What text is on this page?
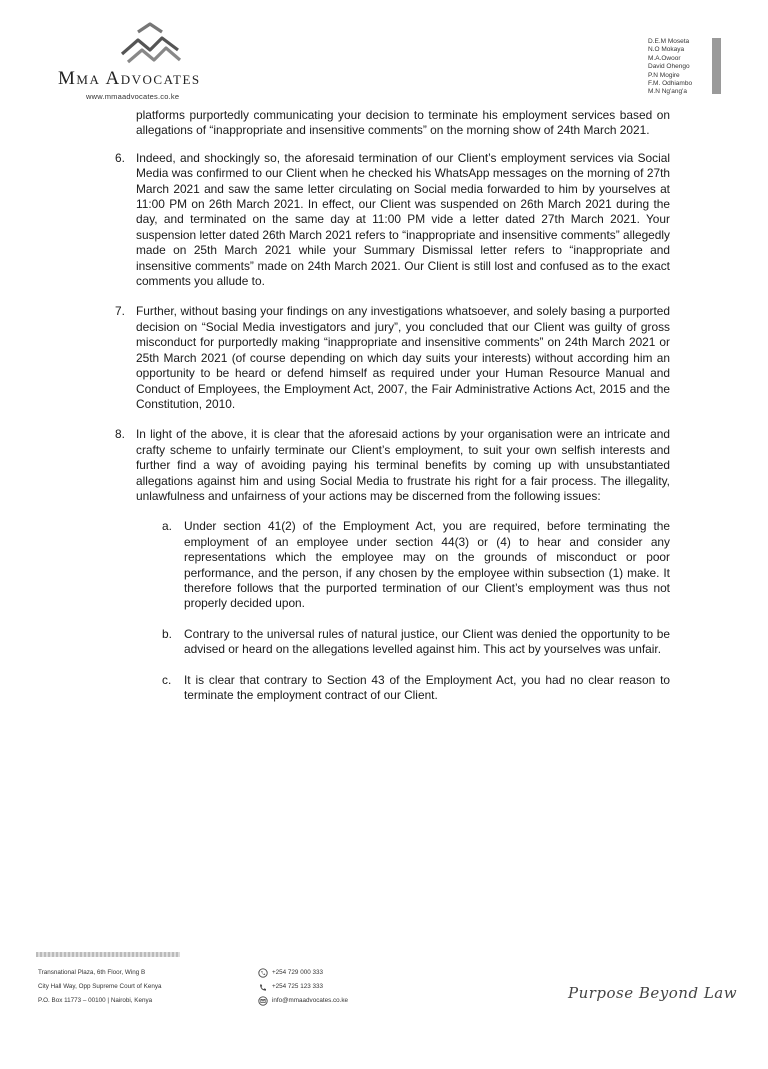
Mma Advocates
www.mmaadvocates.co.ke
D.E.M Moseta
N.O Mokaya
M.A.Owoor
David Ohengo
P.N Mogire
F.M. Odhiambo
M.N Ng'ang'a

platforms purportedly communicating your decision to terminate his employment services based on allegations of “inappropriate and insensitive comments” on the morning show of 24th March 2021.

6. Indeed, and shockingly so, the aforesaid termination of our Client’s employment services via Social Media was confirmed to our Client when he checked his WhatsApp messages on the morning of 27th March 2021 and saw the same letter circulating on Social media forwarded to him by yourselves at 11:00 PM on 26th March 2021. In effect, our Client was suspended on 26th March 2021 during the day, and terminated on the same day at 11:00 PM vide a letter dated 27th March 2021. Your suspension letter dated 26th March 2021 refers to “inappropriate and insensitive comments” allegedly made on 25th March 2021 while your Summary Dismissal letter refers to “inappropriate and insensitive comments” made on 24th March 2021. Our Client is still lost and confused as to the exact comments you allude to.
7. Further, without basing your findings on any investigations whatsoever, and solely basing a purported decision on “Social Media investigators and jury”, you concluded that our Client was guilty of gross misconduct for purportedly making “inappropriate and insensitive comments” on 24th March 2021 or 25th March 2021 (of course depending on which day suits your interests) without according him an opportunity to be heard or defend himself as required under your Human Resource Manual and Conduct of Employees, the Employment Act, 2007, the Fair Administrative Actions Act, 2015 and the Constitution, 2010.
8. In light of the above, it is clear that the aforesaid actions by your organisation were an intricate and crafty scheme to unfairly terminate our Client’s employment, to suit your own selfish interests and further find a way of avoiding paying his terminal benefits by coming up with unsubstantiated allegations against him and using Social Media to frustrate his right for a fair process. The illegality, unlawfulness and unfairness of your actions may be discerned from the following issues:
a. Under section 41(2) of the Employment Act, you are required, before terminating the employment of an employee under section 44(3) or (4) to hear and consider any representations which the employee may on the grounds of misconduct or poor performance, and the person, if any chosen by the employee within subsection (1) make. It therefore follows that the purported termination of our Client’s employment was thus not properly decided upon.
b. Contrary to the universal rules of natural justice, our Client was denied the opportunity to be advised or heard on the allegations levelled against him. This act by yourselves was unfair.
c. It is clear that contrary to Section 43 of the Employment Act, you had no clear reason to terminate the employment contract of our Client.
Transnational Plaza, 6th Floor, Wing B
City Hall Way, Opp Supreme Court of Kenya
P.O. Box 11773 – 00100 | Nairobi, Kenya
+254 729 000 333
+254 725 123 333
info@mmaadvocates.co.ke	Purpose Beyond Law
